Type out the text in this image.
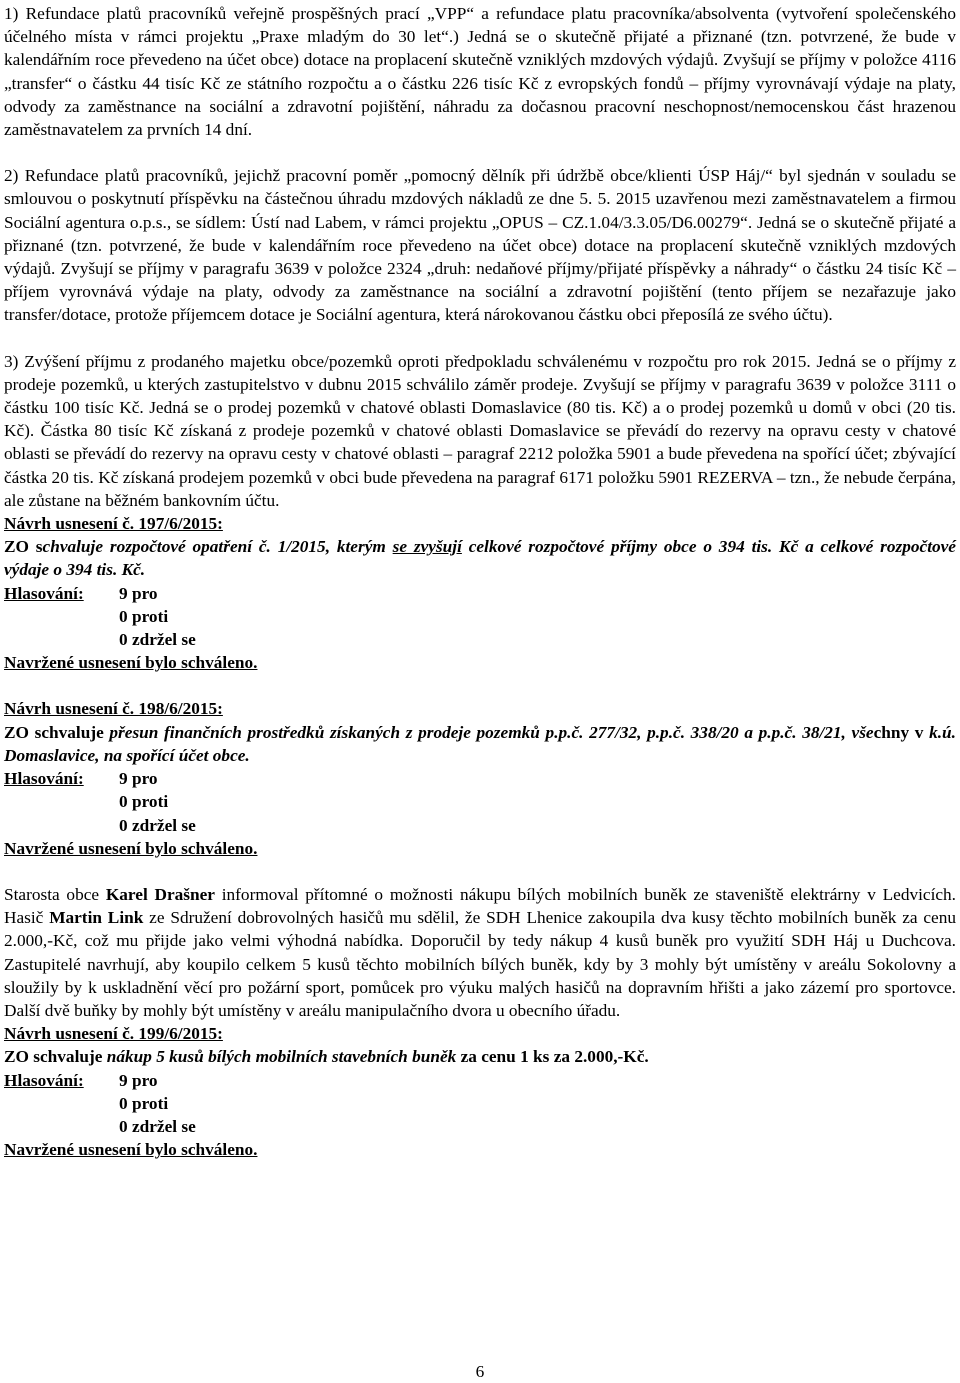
1) Refundace platů pracovníků veřejně prospěšných prací „VPP“ a refundace platu pracovníka/absolventa (vytvoření společenského účelného místa v rámci projektu „Praxe mladým do 30 let“.) Jedná se o skutečně přijaté a přiznané (tzn. potvrzené, že bude v kalendářním roce převedeno na účet obce) dotace na proplacení skutečně vzniklých mzdových výdajů. Zvyšují se příjmy v položce 4116 „transfer“ o částku 44 tisíc Kč ze státního rozpočtu a o částku 226 tisíc Kč z evropských fondů – příjmy vyrovnávají výdaje na platy, odvody za zaměstnance na sociální a zdravotní pojištění, náhradu za dočasnou pracovní neschopnost/nemocenskou část hrazenou zaměstnavatelem za prvních 14 dní.

2) Refundace platů pracovníků, jejichž pracovní poměr „pomocný dělník při údržbě obce/klienti ÚSP Háj/“ byl sjednán v souladu se smlouvou o poskytnutí příspěvku na částečnou úhradu mzdových nákladů ze dne 5. 5. 2015 uzavřenou mezi zaměstnavatelem a firmou Sociální agentura o.p.s., se sídlem: Ústí nad Labem, v rámci projektu „OPUS – CZ.1.04/3.3.05/D6.00279“. Jedná se o skutečně přijaté a přiznané (tzn. potvrzené, že bude v kalendářním roce převedeno na účet obce) dotace na proplacení skutečně vzniklých mzdových výdajů. Zvyšují se příjmy v paragrafu 3639 v položce 2324 „druh: nedaňové příjmy/přijaté příspěvky a náhrady“ o částku 24 tisíc Kč – příjem vyrovnává výdaje na platy, odvody za zaměstnance na sociální a zdravotní pojištění (tento příjem se nezařazuje jako transfer/dotace, protože příjemcem dotace je Sociální agentura, která nárokovanou částku obci přeposílá ze svého účtu).

3) Zvýšení příjmu z prodaného majetku obce/pozemků oproti předpokladu schválenému v rozpočtu pro rok 2015. Jedná se o příjmy z prodeje pozemků, u kterých zastupitelstvo v dubnu 2015 schválilo záměr prodeje. Zvyšují se příjmy v paragrafu 3639 v položce 3111 o částku 100 tisíc Kč. Jedná se o prodej pozemků v chatové oblasti Domaslavice (80 tis. Kč) a o prodej pozemků u domů v obci (20 tis. Kč). Částka 80 tisíc Kč získaná z prodeje pozemků v chatové oblasti Domaslavice se převádí do rezervy na opravu cesty v chatové oblasti se převádí do rezervy na opravu cesty v chatové oblasti – paragraf 2212 položka 5901 a bude převedena na spořící účet; zbývající částka 20 tis. Kč získaná prodejem pozemků v obci bude převedena na paragraf 6171 položku 5901 REZERVA – tzn., že nebude čerpána, ale zůstane na běžném bankovním účtu.

Návrh usnesení č. 197/6/2015:

ZO schvaluje rozpočtové opatření č. 1/2015, kterým se zvyšují celkové rozpočtové příjmy obce o 394 tis. Kč a celkové rozpočtové výdaje o 394 tis. Kč.

Hlasování:	9 pro
0 proti
0 zdržel se
Navržené usnesení bylo schváleno.
Návrh usnesení č. 198/6/2015:

ZO schvaluje přesun finančních prostředků získaných z prodeje pozemků p.p.č. 277/32, p.p.č. 338/20 a p.p.č. 38/21, všechny v k.ú. Domaslavice, na spořící účet obce.

Hlasování:	9 pro
0 proti
0 zdržel se
Navržené usnesení bylo schváleno.

Starosta obce Karel Drašner informoval přítomné o možnosti nákupu bílých mobilních buněk ze staveniště elektrárny v Ledvicích. Hasič Martin Link ze Sdružení dobrovolných hasičů mu sdělil, že SDH Lhenice zakoupila dva kusy těchto mobilních buněk za cenu 2.000,-Kč, což mu přijde jako velmi výhodná nabídka. Doporučil by tedy nákup 4 kusů buněk pro využití SDH Háj u Duchcova. Zastupitelé navrhují, aby koupilo celkem 5 kusů těchto mobilních bílých buněk, kdy by 3 mohly být umístěny v areálu Sokolovny a sloužily by k uskladnění věcí pro požární sport, pomůcek pro výuku malých hasičů na dopravním hřišti a jako zázemí pro sportovce. Další dvě buňky by mohly být umístěny v areálu manipulačního dvora u obecního úřadu.

Návrh usnesení č. 199/6/2015:

ZO schvaluje nákup 5 kusů bílých mobilních stavebních buněk za cenu 1 ks za 2.000,-Kč.

Hlasování:	9 pro
0 proti
0 zdržel se
Navržené usnesení bylo schváleno.
6
